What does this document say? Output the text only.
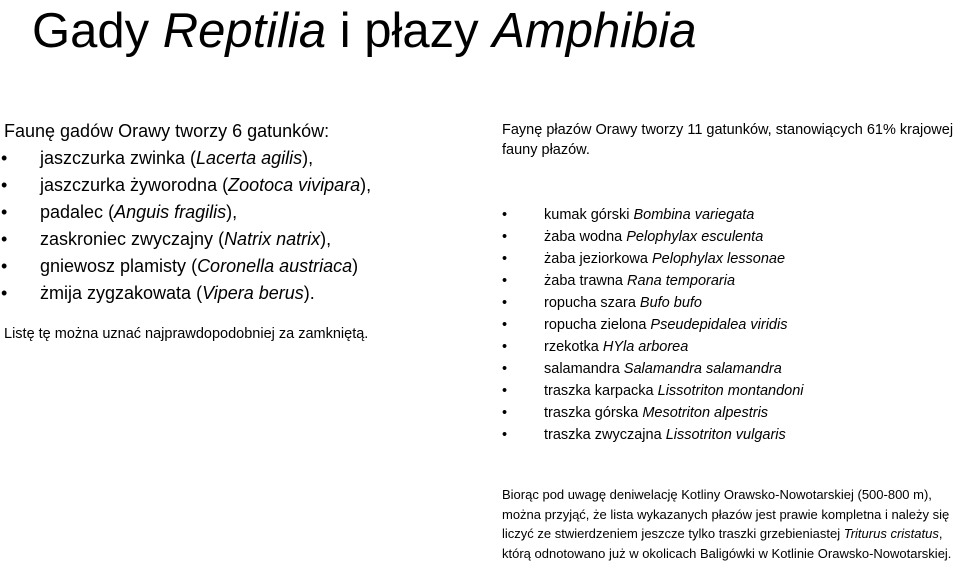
Gady Reptilia i płazy Amphibia

Faunę gadów Orawy tworzy 6 gatunków:

• jaszczurka zwinka (Lacerta agilis),
• jaszczurka żyworodna (Zootoca vivipara),
• padalec (Anguis fragilis),
• zaskroniec zwyczajny (Natrix natrix),
• gniewosz plamisty (Coronella austriaca)
• żmija zygzakowata (Vipera berus).

Listę tę można uznać najprawdopodobniej za zamkniętą.

Faynę płazów Orawy tworzy 11 gatunków, stanowiących 61% krajowej fauny płazów.

• kumak górski Bombina variegata
• żaba wodna Pelophylax esculenta
• żaba jeziorkowa Pelophylax lessonae
• żaba trawna Rana temporaria
• ropucha szara Bufo bufo
• ropucha zielona Pseudepidalea viridis
• rzekotka HYla arborea
• salamandra Salamandra salamandra
• traszka karpacka Lissotriton montandoni
• traszka górska Mesotriton alpestris
• traszka zwyczajna Lissotriton vulgaris

Biorąc pod uwagę deniwelację Kotliny Orawsko-Nowotarskiej (500-800 m), można przyjąć, że lista wykazanych płazów jest prawie kompletna i należy się liczyć ze stwierdzeniem jeszcze tylko traszki grzebieniastej Triturus cristatus, którą odnotowano już w okolicach Baligówki w Kotlinie Orawsko-Nowotarskiej.
